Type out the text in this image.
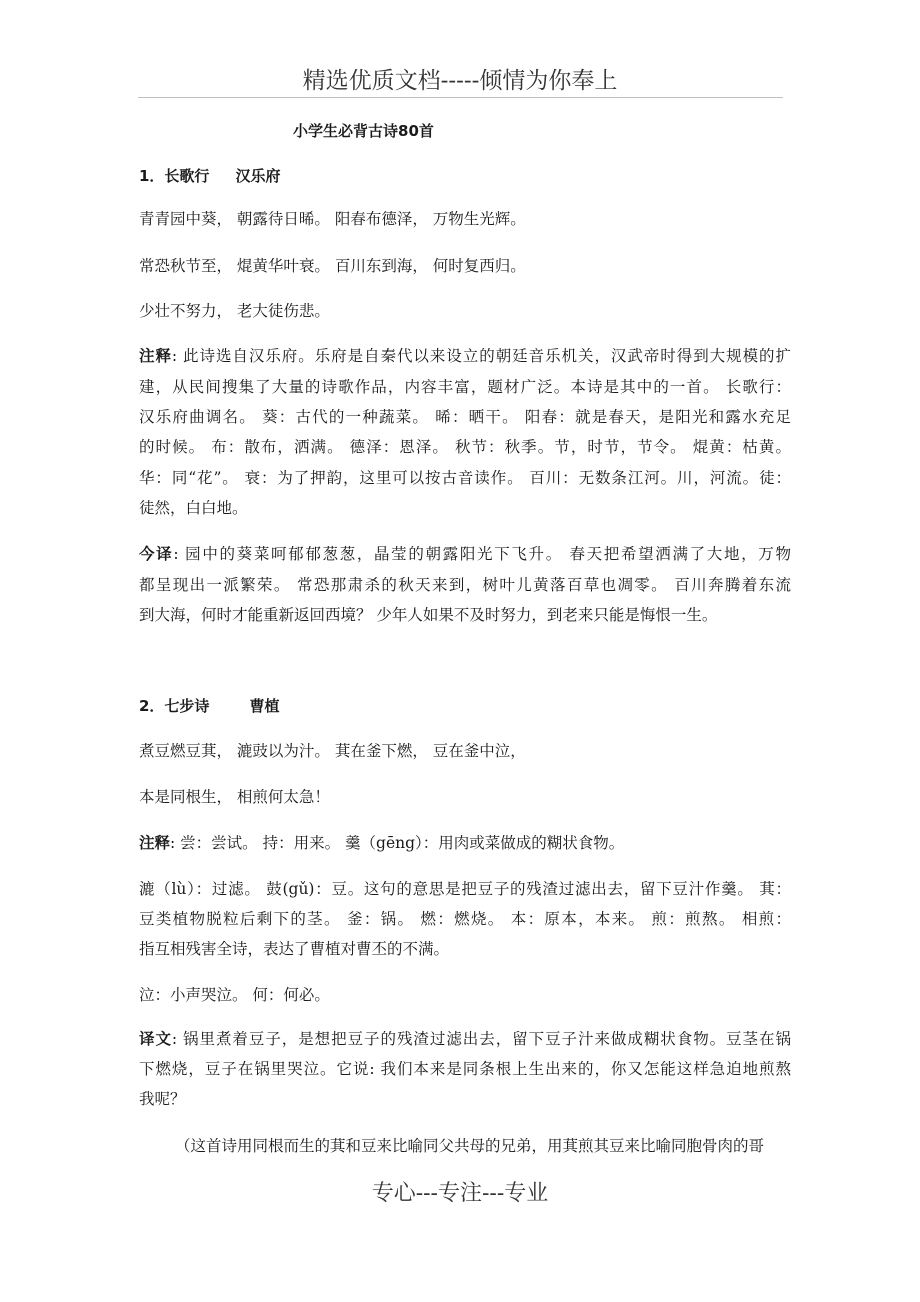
精选优质文档-----倾情为你奉上
小学生必背古诗80首
1．长歌行 汉乐府
青青园中葵， 朝露待日晞。 阳春布德泽， 万物生光辉。
常恐秋节至， 焜黄华叶衰。 百川东到海， 何时复西归。
少壮不努力， 老大徒伤悲。
注释: 此诗选自汉乐府。乐府是自秦代以来设立的朝廷音乐机关，汉武帝时得到大规模的扩
建，从民间搜集了大量的诗歌作品，内容丰富，题材广泛。本诗是其中的一首。 长歌行：
汉乐府曲调名。 葵：古代的一种蔬菜。 晞：晒干。 阳春：就是春天，是阳光和露水充足
的时候。 布：散布，洒满。 德泽：恩泽。 秋节：秋季。节，时节，节令。 焜黄：枯黄。
华：同“花”。 衰：为了押韵，这里可以按古音读作。 百川：无数条江河。川，河流。徒：
徒然，白白地。
今译: 园中的葵菜呵郁郁葱葱，晶莹的朝露阳光下飞升。 春天把希望洒满了大地，万物
都呈现出一派繁荣。 常恐那肃杀的秋天来到，树叶儿黄落百草也凋零。 百川奔腾着东流
到大海，何时才能重新返回西境？ 少年人如果不及时努力，到老来只能是悔恨一生。
2．七步诗	曹植
煮豆燃豆萁， 漉豉以为汁。 萁在釜下燃， 豆在釜中泣，
本是同根生， 相煎何太急！
注释: 尝：尝试。 持：用来。 羹（gēng）：用肉或菜做成的糊状食物。
漉（lù）：过滤。 鼓(gǔ)：豆。这句的意思是把豆子的残渣过滤出去，留下豆汁作羹。 萁：
豆类植物脱粒后剩下的茎。 釜：锅。 燃：燃烧。 本：原本，本来。 煎：煎熬。 相煎：
指互相残害全诗，表达了曹植对曹丕的不满。
泣：小声哭泣。 何：何必。
译文: 锅里煮着豆子，是想把豆子的残渣过滤出去，留下豆子汁来做成糊状食物。豆茎在锅
下燃烧，豆子在锅里哭泣。它说: 我们本来是同条根上生出来的，你又怎能这样急迫地煎熬
我呢？
（这首诗用同根而生的萁和豆来比喻同父共母的兄弟，用萁煎其豆来比喻同胞骨肉的哥
专心---专注---专业
